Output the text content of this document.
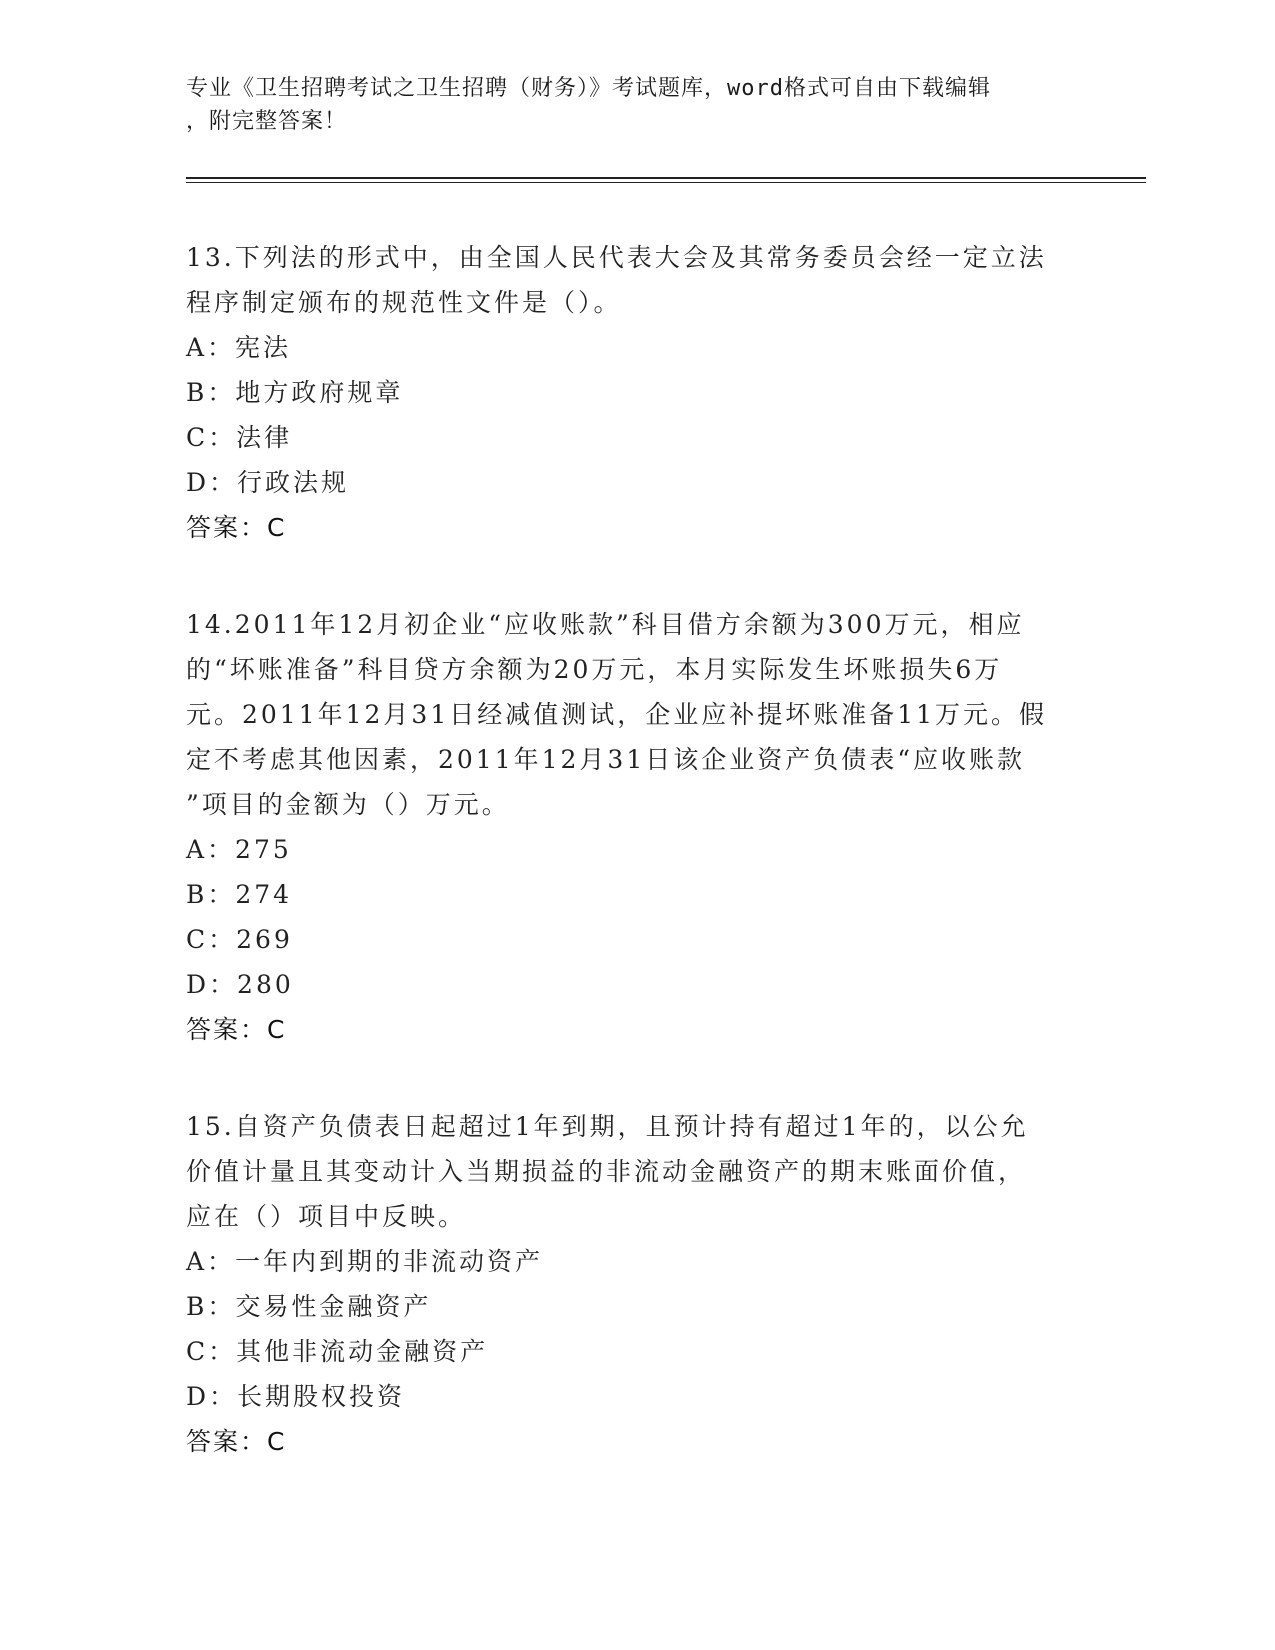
专业《卫生招聘考试之卫生招聘（财务）》考试题库，word格式可自由下载编辑

，附完整答案！

13.下列法的形式中，由全国人民代表大会及其常务委员会经一定立法

程序制定颁布的规范性文件是（）。

A：宪法

B：地方政府规章

C：法律

D：行政法规

答案：C

14.2011年12月初企业“应收账款”科目借方余额为300万元，相应

的“坏账准备”科目贷方余额为20万元，本月实际发生坏账损失6万

元。2011年12月31日经减值测试，企业应补提坏账准备11万元。假

定不考虑其他因素，2011年12月31日该企业资产负债表“应收账款

”项目的金额为（）万元。

A：275

B：274

C：269

D：280

答案：C

15.自资产负债表日起超过1年到期，且预计持有超过1年的，以公允

价值计量且其变动计入当期损益的非流动金融资产的期末账面价值，

应在（）项目中反映。

A：一年内到期的非流动资产

B：交易性金融资产

C：其他非流动金融资产

D：长期股权投资

答案：C
